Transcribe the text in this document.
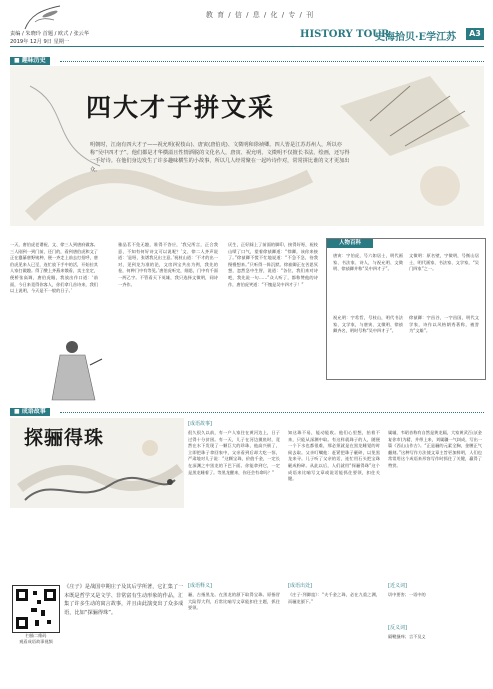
教 育 / 信 / 息 / 化 / 专 / 刊
责编 / 朱晓玲 首题 / 欧式 / 张云华
2019年 12月 9日 星期一
HISTORY TOUR
史海拾贝·E学江苏	A3
■ 趣味历史
四大才子拼文采
明朝时，江南有四大才子——祝允明(祝枝山)、唐寅(唐伯虎)、文徵明和徐祯卿。四人皆是江苏苏州人，所以亦称“吴中四才子”。他们都是才华横溢且性情洒脱的文化名人，唐寅、祝允明、文徵明不仅擅长书法，绘画，还写得一手好诗。在他们身边发生了许多趣味横生的小故事，所以几人经常聚在一起吟诗作对，常常拼比谁的文才更加出众。
一天，唐伯虎老谱祝、文、徐三人到唐府做客。三人刚到一到门前，还门的，看到唐伯虎和文了正在蹇纂唐野钝种，便一齐走上前去打招呼，唐伯虎见来人已至，连忙放下手中的活，开始拉其人家打做趣。得了酸上齐燕来饿看，卖主坐定，便桥张高调，唐伯虎眼，我放出作口道：‘前面，今日来竟得你客人，你们拿几首诗来，我们以上说明，今天是不一般的日子。’
雅品茗不免无趣，谁得不答应，‘我兄所言，正合我意，不知有何好诗文可以说呢？’文、徐二人齐声说道：‘是呀，张谱我兄出主意。’祝枝山道：‘不才的出一对，见到龙为准的论，文房四宝共出为例，我先的卷，何种门中有等见。’唐伯虎听完，细思，门中有千面一两乙字。不管看天下英雄，我只选择文徵明，同诗一齐作。
厌生，正好踩上了前面的脚印，接得好呀，祝枝山啧了口气，望着徐祯卿道：“徐卿，该你来接了。”徐祯卿不慌不忙地说道：“不急不急，待我慢慢想来。”只听得一阵沉默。徐祯卿正在苦思冥想，忽然急中生智，说道：“各位，我们来对诗吧，我先说一句……”众人听了，都称赞他的诗作，唐伯虎笑道：“不愧是吴中四才子！”
人物百科
唐寅：字伯虎，号六如居士，明代画家、书法家、诗人，与祝允明、文徵明、徐祯卿并称“吴中四才子”。
文徵明：原名壁，字徵明，号衡山居士，明代画家、书法家、文学家，“吴门四家”之一。
祝允明：字希哲，号枝山，明代书法家、文学家，与唐寅、文徵明、徐祯卿齐名，明时号称“吴中四才子”。
徐祯卿：字昌谷，一字昌国，明代文学家，诗作以风格朗秀著称，被誉为“文雄”。
■ 成语故事
探骊得珠
扫描二维码
观看成语故事视频
《庄子》是战国中期庄子及其后学所著，它汇集了一本既是哲学又是文学、非常富有生动形象的作品，汇集了许多生动的寓言故事，并且由此演变出了众多成语，比如“探骊得珠”。
[成语故事]
很久很久以前，有一户人家住在黄河边上，日子过得十分贫困。有一天，儿子在河边摸鱼时，竟然在水下发现了一颗巨大的珍珠，他高兴极了，立即把珠子拿回家中，父亲看到后却大吃一惊，严肃地对儿子说：“这颗宝珠，价值千金，一定长在深渊之中黑龙的下巴下面。你能拿到它，一定是黑龙睡着了。等黑龙醒来，你还会有命吗？”
知这珠不易，能动能收。他们心里想，抬着不来，只能从深渊中取。有这样就珠子的人，随便一个下水也都很难，那必须就是在黑龙睡觉的时候去取。父亲叮嘱他：赶紧把珠子砸碎，以免黑龙来寻。儿子听了父亲的话，连忙用石头把宝珠砸成粉碎。从此以后，人们就用“探骊得珠”这个成语来比喻写文章或说话能抓住要领，扣住关键。
属辅，韦昭音称有自然是黄龙隔，大家黄武百山(金复你市)为精，并带上来，刘属疆一气纠成，写出一篇《西山山作古》。“正是骊的元素全胸，金腰正气翻刻。”这种写作方法使文章主旨更加鲜明，人们也常常用这个成语来形容写作时抓住了关键，赢得了赞赏。
[成语释义]
骊，古指黑龙。在黑龙的颔下取得宝珠。原指冒大险得大利，后常比喻写文章能扣住主题，抓住要领。
[成语出处]
《庄子·列御寇》：“夫千金之珠，必在九重之渊，而骊龙颔下。”
[近义词]
切中要害；一语中的
[反义词]
隔靴搔痒；言不及义
